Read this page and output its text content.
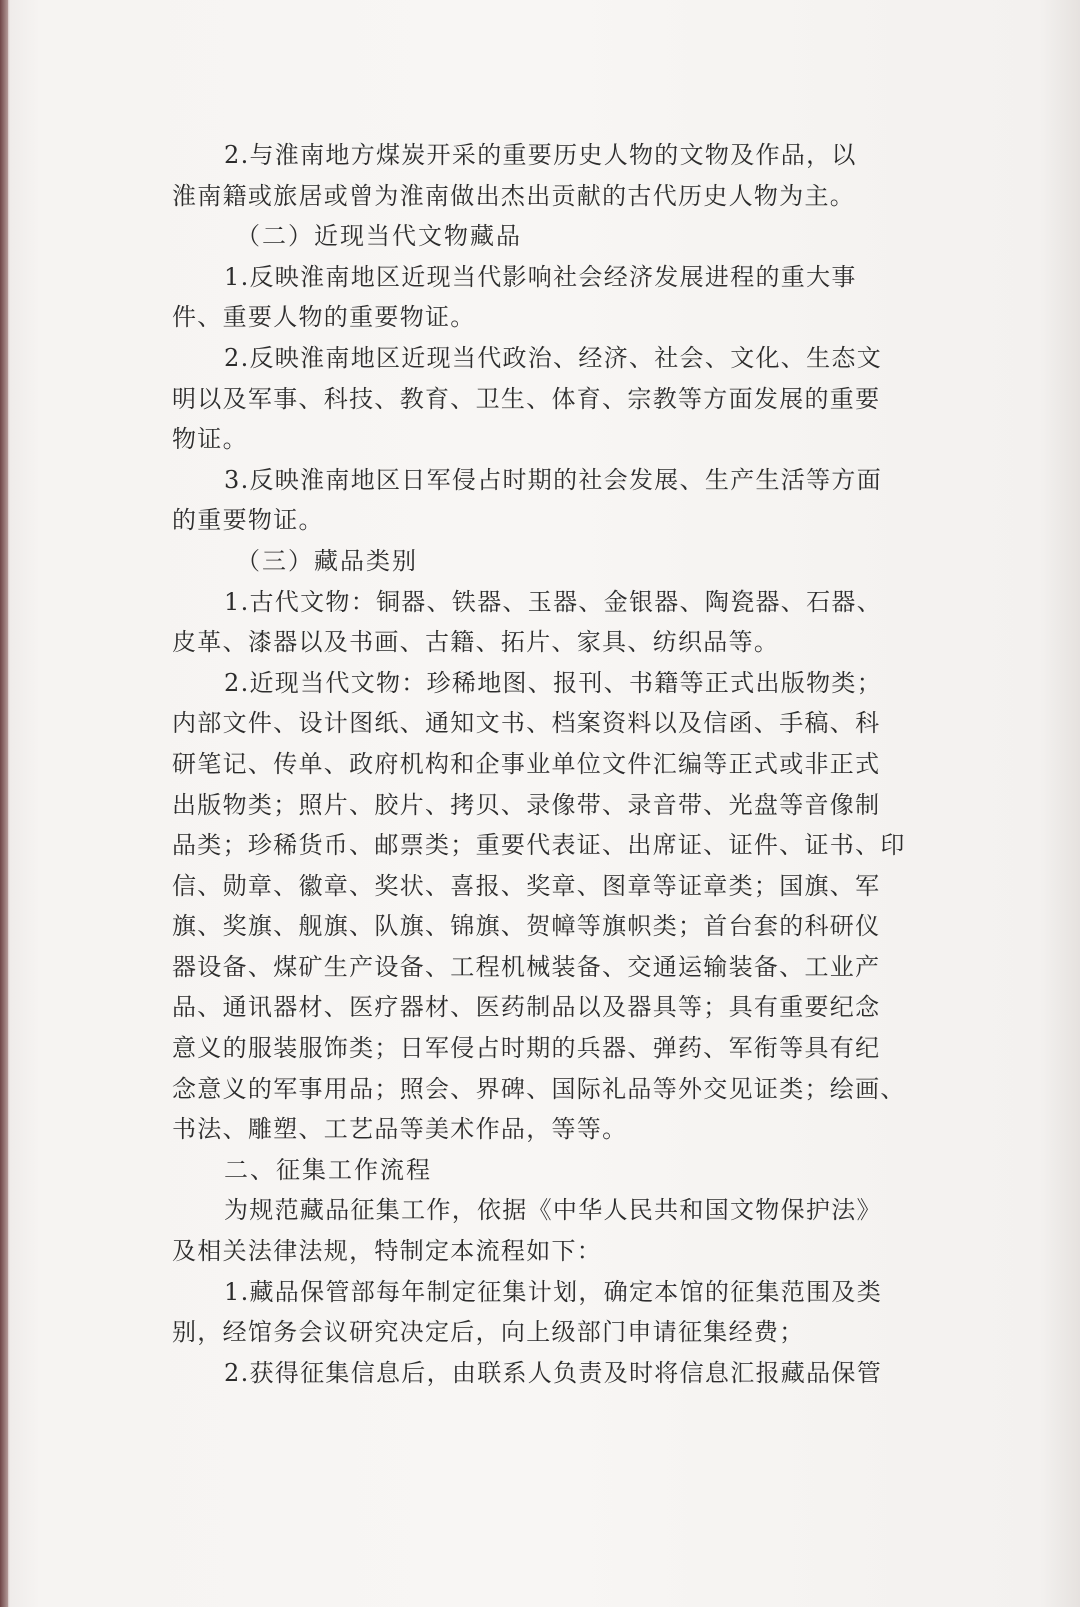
2.与淮南地方煤炭开采的重要历史人物的文物及作品，以
淮南籍或旅居或曾为淮南做出杰出贡献的古代历史人物为主。
（二）近现当代文物藏品
1.反映淮南地区近现当代影响社会经济发展进程的重大事
件、重要人物的重要物证。
2.反映淮南地区近现当代政治、经济、社会、文化、生态文
明以及军事、科技、教育、卫生、体育、宗教等方面发展的重要
物证。
3.反映淮南地区日军侵占时期的社会发展、生产生活等方面
的重要物证。
（三）藏品类别
1.古代文物：铜器、铁器、玉器、金银器、陶瓷器、石器、
皮革、漆器以及书画、古籍、拓片、家具、纺织品等。
2.近现当代文物：珍稀地图、报刊、书籍等正式出版物类；
内部文件、设计图纸、通知文书、档案资料以及信函、手稿、科
研笔记、传单、政府机构和企事业单位文件汇编等正式或非正式
出版物类；照片、胶片、拷贝、录像带、录音带、光盘等音像制
品类；珍稀货币、邮票类；重要代表证、出席证、证件、证书、印
信、勋章、徽章、奖状、喜报、奖章、图章等证章类；国旗、军
旗、奖旗、舰旗、队旗、锦旗、贺幛等旗帜类；首台套的科研仪
器设备、煤矿生产设备、工程机械装备、交通运输装备、工业产
品、通讯器材、医疗器材、医药制品以及器具等；具有重要纪念
意义的服装服饰类；日军侵占时期的兵器、弹药、军衔等具有纪
念意义的军事用品；照会、界碑、国际礼品等外交见证类；绘画、
书法、雕塑、工艺品等美术作品，等等。
二、征集工作流程
为规范藏品征集工作，依据《中华人民共和国文物保护法》
及相关法律法规，特制定本流程如下：
1.藏品保管部每年制定征集计划，确定本馆的征集范围及类
别，经馆务会议研究决定后，向上级部门申请征集经费；
2.获得征集信息后，由联系人负责及时将信息汇报藏品保管
